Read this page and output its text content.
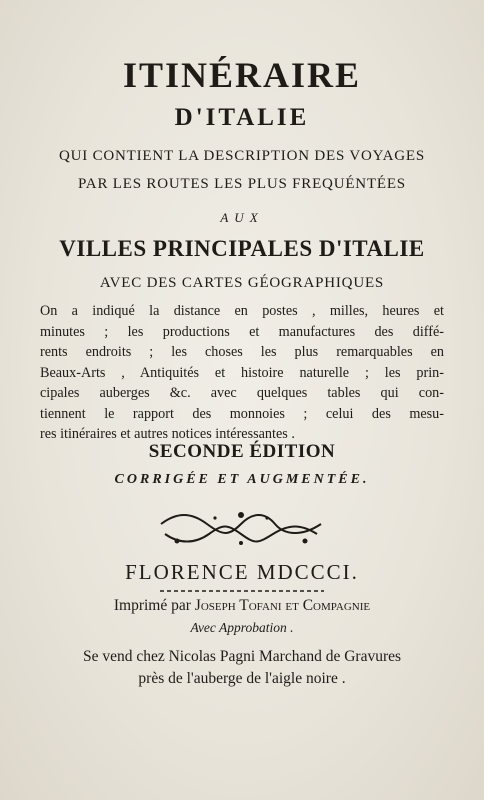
ITINÉRAIRE
D'ITALIE
QUI CONTIENT LA DESCRIPTION DES VOYAGES
PAR LES ROUTES LES PLUS FREQUÉNTÉES
AUX
VILLES PRINCIPALES D'ITALIE
AVEC DES CARTES GÉOGRAPHIQUES
On a indiqué la distance en postes , milles, heures et
minutes ; les productions et manufactures des diffé-
rents endroits ; les choses les plus remarquables en
Beaux-Arts , Antiquités et histoire naturelle ; les prin-
cipales auberges &c. avec quelques tables qui con-
tiennent le rapport des monnoies ; celui des mesu-
res itinéraires et autres notices intéressantes .
SECONDE ÉDITION
CORRIGÉE ET AUGMENTÉE.
FLORENCE MDCCCI.
Imprimé par Joseph Tofani et Compagnie
Avec Approbation .
Se vend chez Nicolas Pagni Marchand de Gravures
près de l'auberge de l'aigle noire .
